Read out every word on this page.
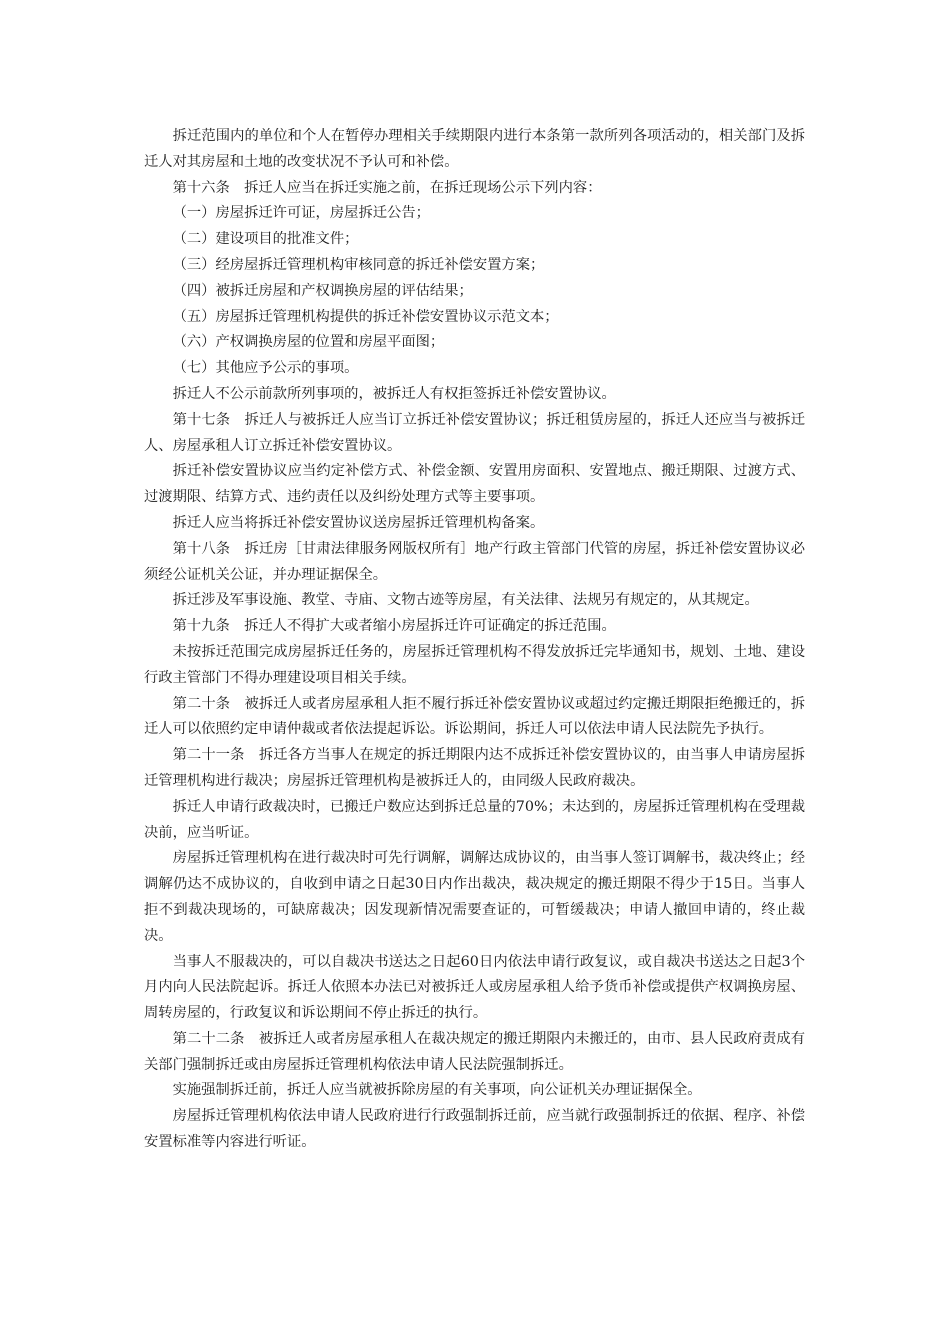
拆迁范围内的单位和个人在暂停办理相关手续期限内进行本条第一款所列各项活动的，相关部门及拆迁人对其房屋和土地的改变状况不予认可和补偿。

第十六条　拆迁人应当在拆迁实施之前，在拆迁现场公示下列内容：

（一）房屋拆迁许可证，房屋拆迁公告；

（二）建设项目的批准文件；

（三）经房屋拆迁管理机构审核同意的拆迁补偿安置方案；

（四）被拆迁房屋和产权调换房屋的评估结果；

（五）房屋拆迁管理机构提供的拆迁补偿安置协议示范文本；

（六）产权调换房屋的位置和房屋平面图；

（七）其他应予公示的事项。

拆迁人不公示前款所列事项的，被拆迁人有权拒签拆迁补偿安置协议。

第十七条　拆迁人与被拆迁人应当订立拆迁补偿安置协议；拆迁租赁房屋的，拆迁人还应当与被拆迁人、房屋承租人订立拆迁补偿安置协议。

拆迁补偿安置协议应当约定补偿方式、补偿金额、安置用房面积、安置地点、搬迁期限、过渡方式、过渡期限、结算方式、违约责任以及纠纷处理方式等主要事项。

拆迁人应当将拆迁补偿安置协议送房屋拆迁管理机构备案。

第十八条　拆迁房［甘肃法律服务网版权所有］地产行政主管部门代管的房屋，拆迁补偿安置协议必须经公证机关公证，并办理证据保全。

拆迁涉及军事设施、教堂、寺庙、文物古迹等房屋，有关法律、法规另有规定的，从其规定。

第十九条　拆迁人不得扩大或者缩小房屋拆迁许可证确定的拆迁范围。

未按拆迁范围完成房屋拆迁任务的，房屋拆迁管理机构不得发放拆迁完毕通知书，规划、土地、建设行政主管部门不得办理建设项目相关手续。

第二十条　被拆迁人或者房屋承租人拒不履行拆迁补偿安置协议或超过约定搬迁期限拒绝搬迁的，拆迁人可以依照约定申请仲裁或者依法提起诉讼。诉讼期间，拆迁人可以依法申请人民法院先予执行。

第二十一条　拆迁各方当事人在规定的拆迁期限内达不成拆迁补偿安置协议的，由当事人申请房屋拆迁管理机构进行裁决；房屋拆迁管理机构是被拆迁人的，由同级人民政府裁决。

拆迁人申请行政裁决时，已搬迁户数应达到拆迁总量的70%；未达到的，房屋拆迁管理机构在受理裁决前，应当听证。

房屋拆迁管理机构在进行裁决时可先行调解，调解达成协议的，由当事人签订调解书，裁决终止；经调解仍达不成协议的，自收到申请之日起30日内作出裁决，裁决规定的搬迁期限不得少于15日。当事人拒不到裁决现场的，可缺席裁决；因发现新情况需要查证的，可暂缓裁决；申请人撤回申请的，终止裁决。

当事人不服裁决的，可以自裁决书送达之日起60日内依法申请行政复议，或自裁决书送达之日起3个月内向人民法院起诉。拆迁人依照本办法已对被拆迁人或房屋承租人给予货币补偿或提供产权调换房屋、周转房屋的，行政复议和诉讼期间不停止拆迁的执行。

第二十二条　被拆迁人或者房屋承租人在裁决规定的搬迁期限内未搬迁的，由市、县人民政府责成有关部门强制拆迁或由房屋拆迁管理机构依法申请人民法院强制拆迁。

实施强制拆迁前，拆迁人应当就被拆除房屋的有关事项，向公证机关办理证据保全。

房屋拆迁管理机构依法申请人民政府进行行政强制拆迁前，应当就行政强制拆迁的依据、程序、补偿安置标准等内容进行听证。
